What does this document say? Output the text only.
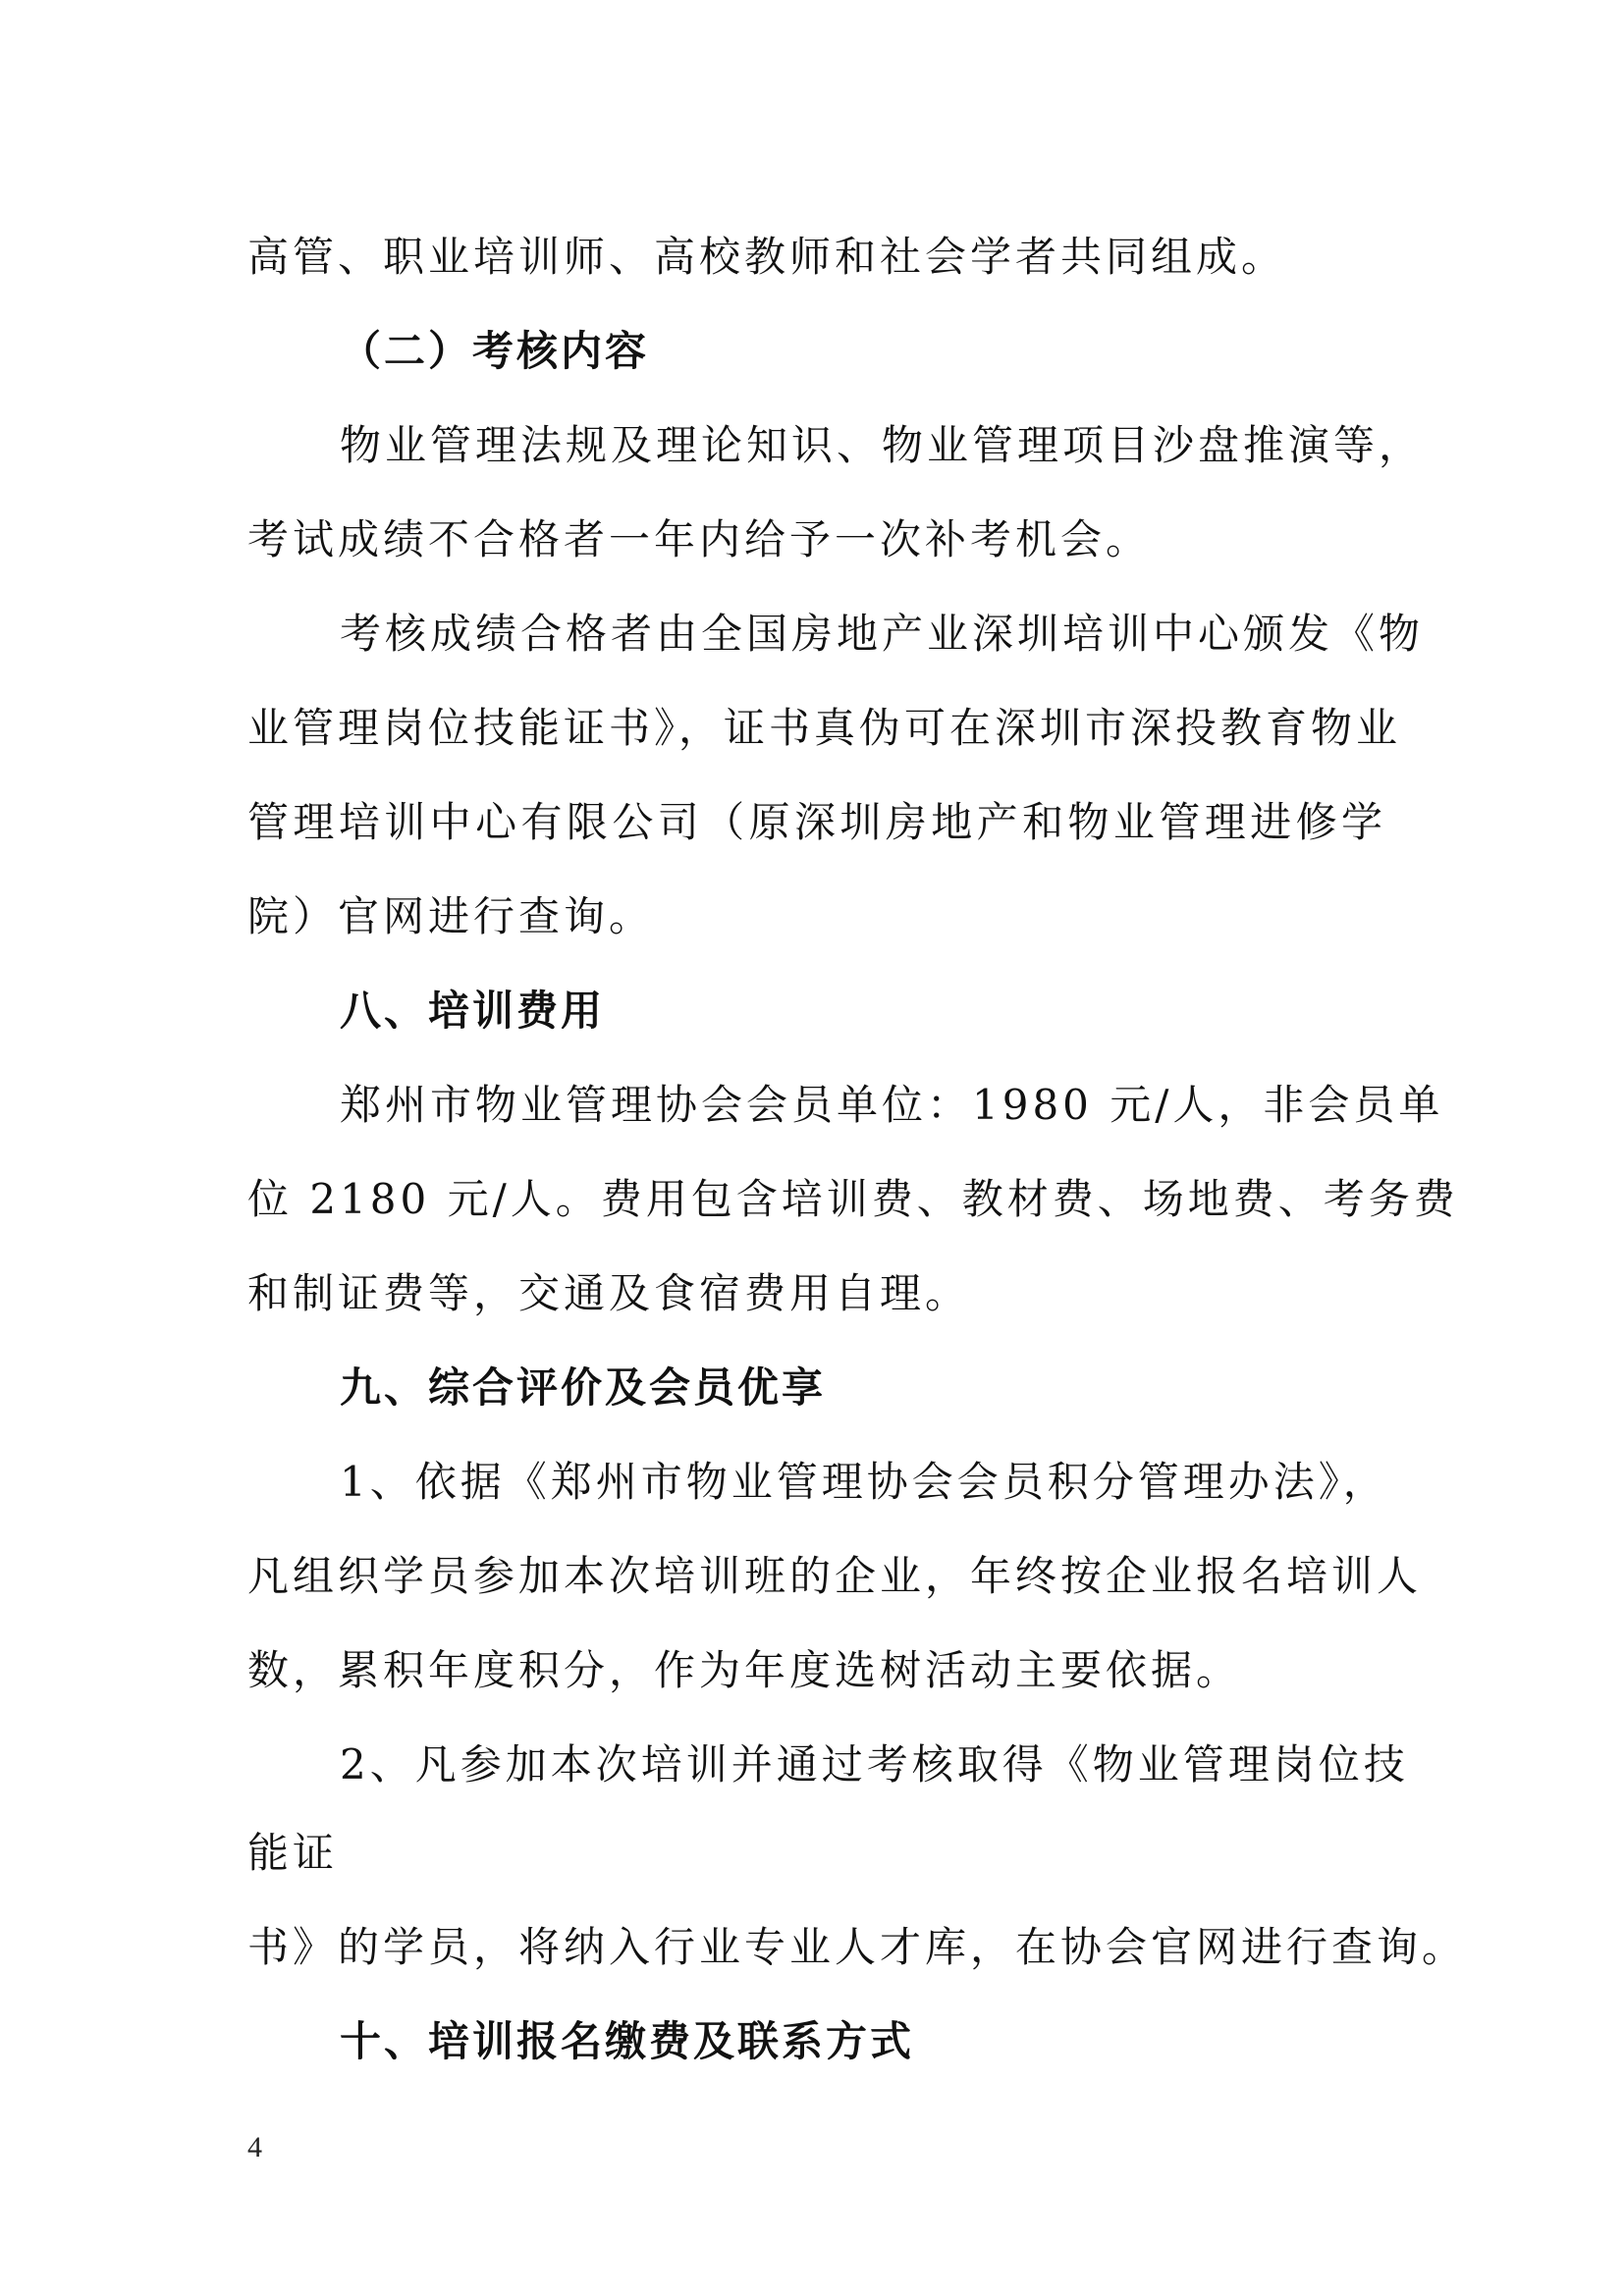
高管、职业培训师、高校教师和社会学者共同组成。
（二）考核内容
物业管理法规及理论知识、物业管理项目沙盘推演等，
考试成绩不合格者一年内给予一次补考机会。
考核成绩合格者由全国房地产业深圳培训中心颁发《物
业管理岗位技能证书》，证书真伪可在深圳市深投教育物业
管理培训中心有限公司（原深圳房地产和物业管理进修学
院）官网进行查询。
八、培训费用
郑州市物业管理协会会员单位：1980 元/人，非会员单
位 2180 元/人。费用包含培训费、教材费、场地费、考务费
和制证费等，交通及食宿费用自理。
九、综合评价及会员优享
1、依据《郑州市物业管理协会会员积分管理办法》，
凡组织学员参加本次培训班的企业，年终按企业报名培训人
数，累积年度积分，作为年度选树活动主要依据。
2、凡参加本次培训并通过考核取得《物业管理岗位技
能证
书》的学员，将纳入行业专业人才库，在协会官网进行查询。
十、培训报名缴费及联系方式
4
